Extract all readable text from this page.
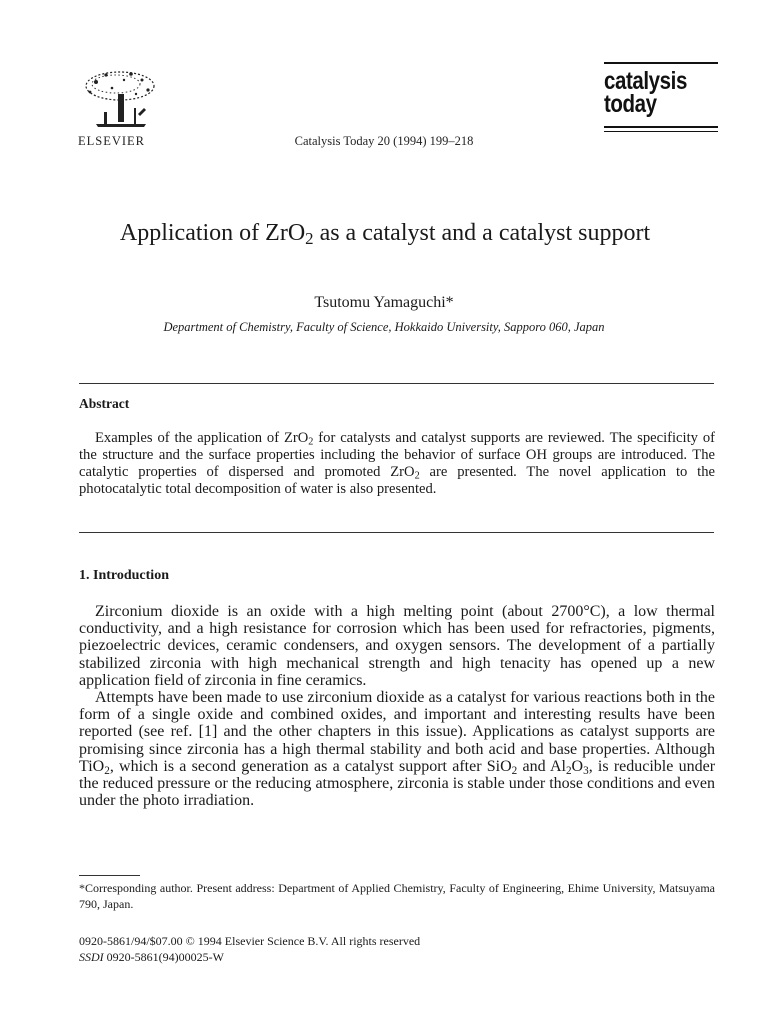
ELSEVIER	Catalysis Today 20 (1994) 199–218
catalysis
today
Application of ZrO$_2$ as a catalyst and a catalyst support
Tsutomu Yamaguchi*
Department of Chemistry, Faculty of Science, Hokkaido University, Sapporo 060, Japan
Abstract

Examples of the application of ZrO$_2$ for catalysts and catalyst supports are reviewed. The specificity of the structure and the surface properties including the behavior of surface OH groups are introduced. The catalytic properties of dispersed and promoted ZrO$_2$ are presented. The novel application to the photocatalytic total decomposition of water is also presented.

1. Introduction

Zirconium dioxide is an oxide with a high melting point (about 2700°C), a low thermal conductivity, and a high resistance for corrosion which has been used for refractories, pigments, piezoelectric devices, ceramic condensers, and oxygen sensors. The development of a partially stabilized zirconia with high mechanical strength and high tenacity has opened up a new application field of zirconia in fine ceramics.

Attempts have been made to use zirconium dioxide as a catalyst for various reactions both in the form of a single oxide and combined oxides, and important and interesting results have been reported (see ref. [1] and the other chapters in this issue). Applications as catalyst supports are promising since zirconia has a high thermal stability and both acid and base properties. Although TiO$_2$, which is a second generation as a catalyst support after SiO$_2$ and $Al_2O_3$, is reducible under the reduced pressure or the reducing atmosphere, zirconia is stable under those conditions and even under the photo irradiation.

*Corresponding author. Present address: Department of Applied Chemistry, Faculty of Engineering, Ehime University, Matsuyama 790, Japan.
0920-5861/94/$07.00 © 1994 Elsevier Science B.V. All rights reserved
SSDI 0920-5861(94)00025-W
